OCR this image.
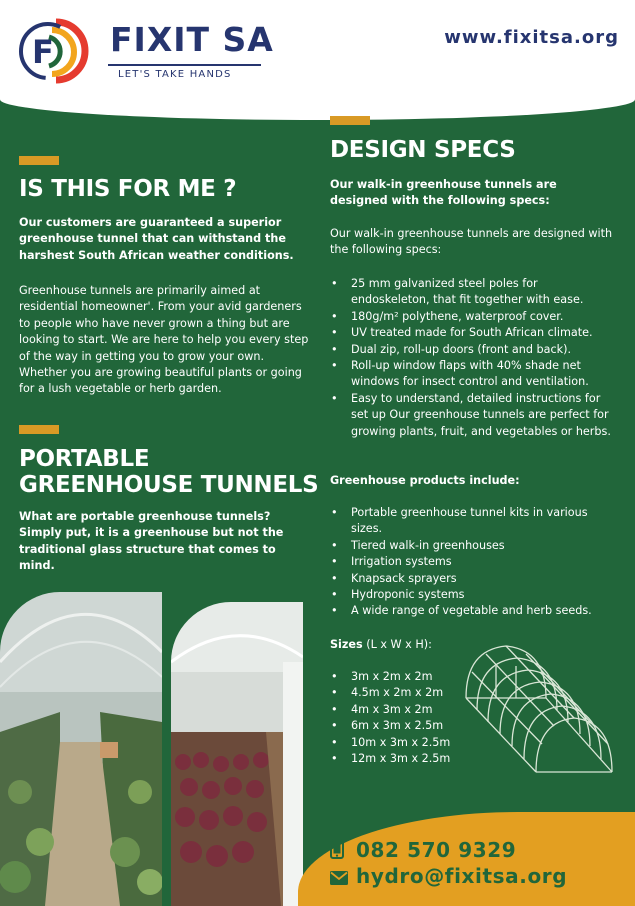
F FIXIT SA
LET'S TAKE HANDS
www.fixitsa.org
IS THIS FOR ME ?
Our customers are guaranteed a superior greenhouse tunnel that can withstand the harshest South African weather conditions.
Greenhouse tunnels are primarily aimed at residential homeowner'. From your avid gardeners to people who have never grown a thing but are looking to start. We are here to help you every step of the way in getting you to grow your own. Whether you are growing beautiful plants or going for a lush vegetable or herb garden.
PORTABLE
GREENHOUSE TUNNELS
What are portable greenhouse tunnels? Simply put, it is a greenhouse but not the traditional glass structure that comes to mind.
DESIGN SPECS
Our walk-in greenhouse tunnels are designed with the following specs:
Our walk-in greenhouse tunnels are designed with the following specs:
• 25 mm galvanized steel poles for endoskeleton, that fit together with ease.
• 180g/m² polythene, waterproof cover.
• UV treated made for South African climate.
• Dual zip, roll-up doors (front and back).
• Roll-up window flaps with 40% shade net windows for insect control and ventilation.
• Easy to understand, detailed instructions for set up Our greenhouse tunnels are perfect for growing plants, fruit, and vegetables or herbs.
Greenhouse products include:
• Portable greenhouse tunnel kits in various sizes.
• Tiered walk-in greenhouses
• Irrigation systems
• Knapsack sprayers
• Hydroponic systems
• A wide range of vegetable and herb seeds.
Sizes (L x W x H):
• 3m x 2m x 2m
• 4.5m x 2m x 2m
• 4m x 3m x 2m
• 6m x 3m x 2.5m
• 10m x 3m x 2.5m
• 12m x 3m x 2.5m
082 570 9329
hydro@fixitsa.org
